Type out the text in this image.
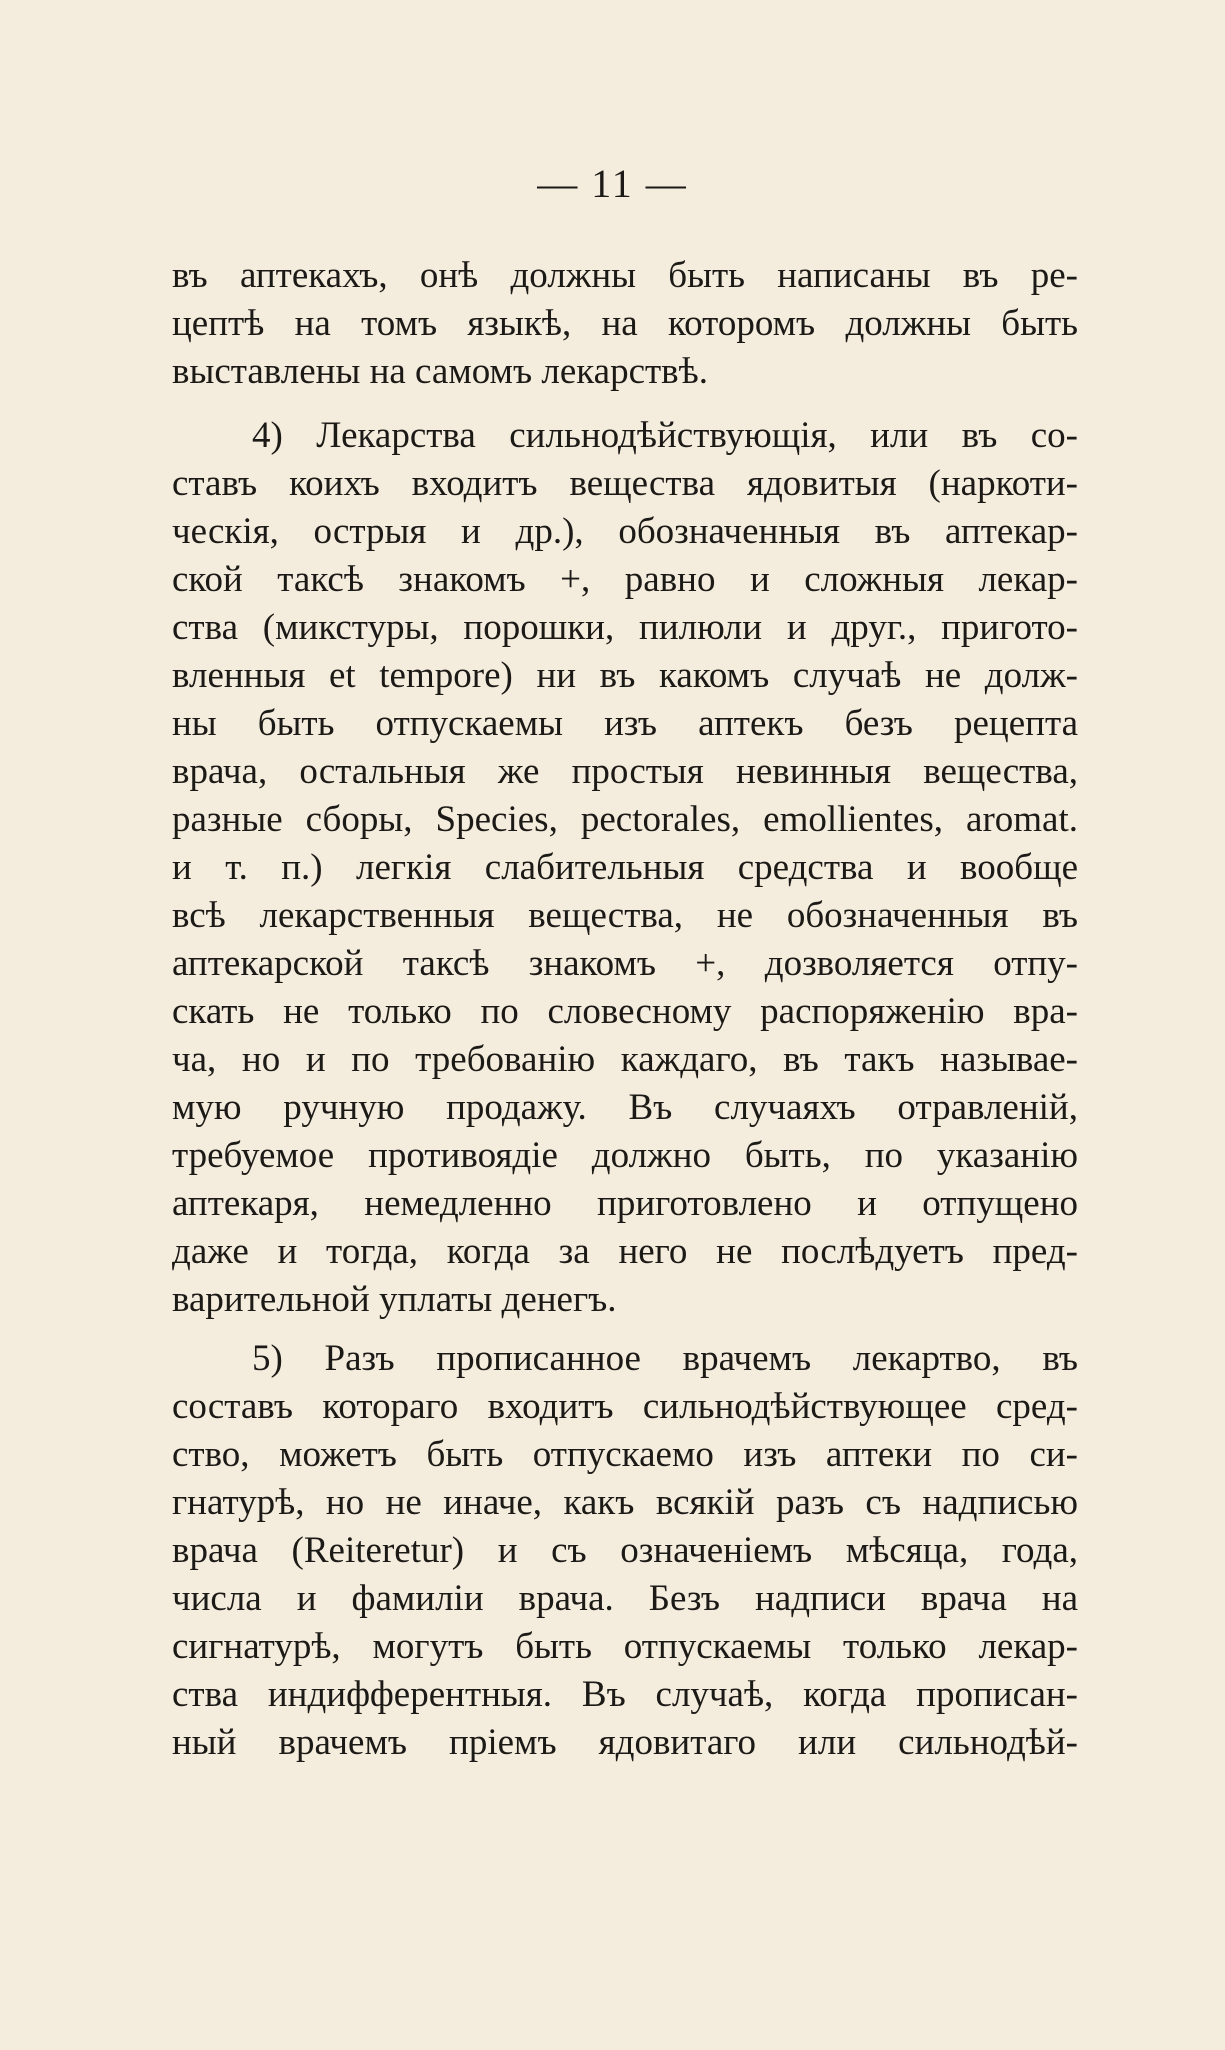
— 11 —
въ аптекахъ, онѣ должны быть написаны въ ре-
цептѣ на томъ языкѣ, на которомъ должны быть
выставлены на самомъ лекарствѣ.
4) Лекарства сильнодѣйствующія, или въ со-
ставъ коихъ входитъ вещества ядовитыя (наркоти-
ческія, острыя и др.), обозначенныя въ аптекар-
ской таксѣ знакомъ +, равно и сложныя лекар-
ства (микстуры, порошки, пилюли и друг., пригото-
вленныя et tempore) ни въ какомъ случаѣ не долж-
ны быть отпускаемы изъ аптекъ безъ рецепта
врача, остальныя же простыя невинныя вещества,
разные сборы, Species, pectorales, emollientes, aromat.
и т. п.) легкія слабительныя средства и вообще
всѣ лекарственныя вещества, не обозначенныя въ
аптекарской таксѣ знакомъ +, дозволяется отпу-
скать не только по словесному распоряженію вра-
ча, но и по требованію каждаго, въ такъ называе-
мую ручную продажу. Въ случаяхъ отравленій,
требуемое противоядіе должно быть, по указанію
аптекаря, немедленно приготовлено и отпущено
даже и тогда, когда за него не послѣдуетъ пред-
варительной уплаты денегъ.
5) Разъ прописанное врачемъ лекартво, въ
составъ котораго входитъ сильнодѣйствующее сред-
ство, можетъ быть отпускаемо изъ аптеки по си-
гнатурѣ, но не иначе, какъ всякій разъ съ надписью
врача (Reiteretur) и съ означеніемъ мѣсяца, года,
числа и фамиліи врача. Безъ надписи врача на
сигнатурѣ, могутъ быть отпускаемы только лекар-
ства индифферентныя. Въ случаѣ, когда прописан-
ный врачемъ пріемъ ядовитаго или сильнодѣй-
